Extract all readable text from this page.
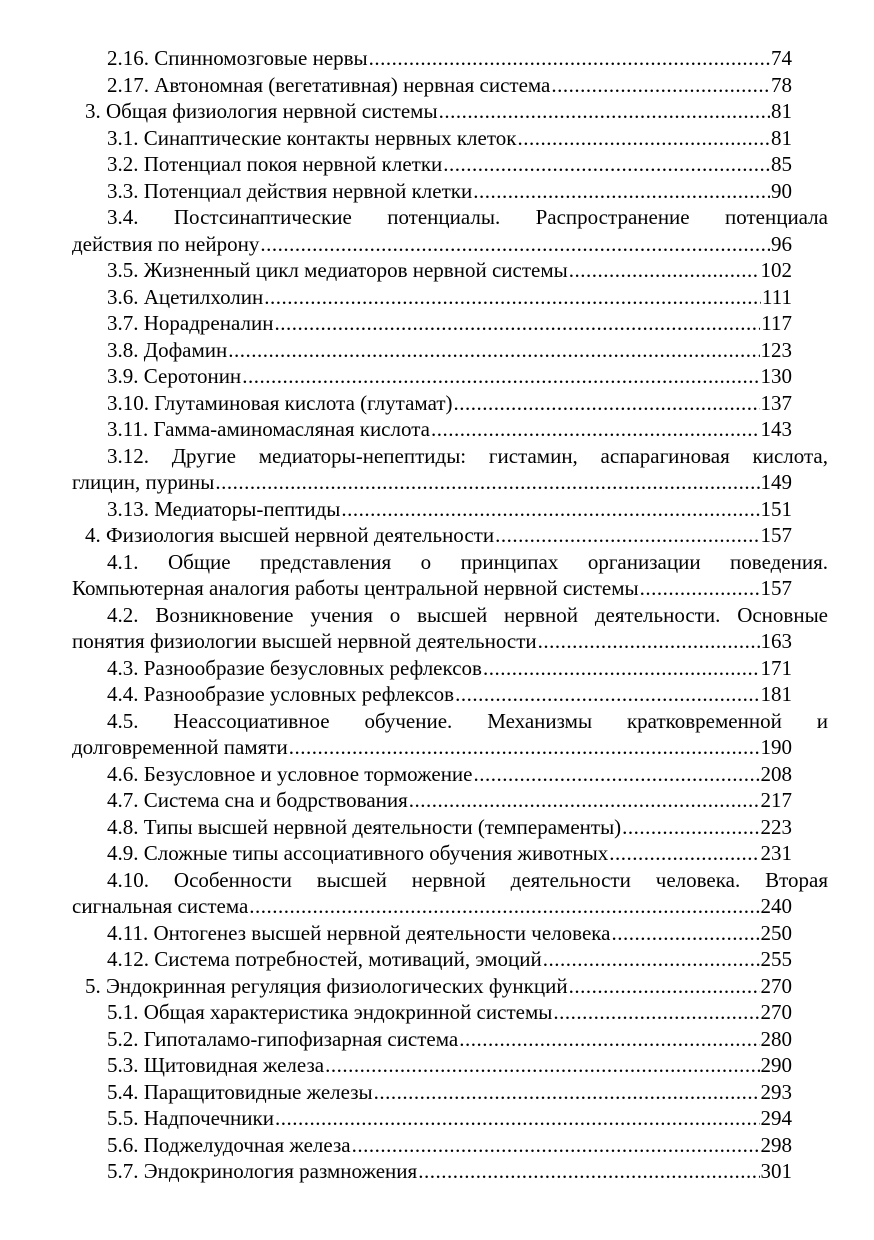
2.16. Спинномозговые нервы .....	74
2.17. Автономная (вегетативная) нервная система .....	78
3. Общая физиология нервной системы .....	81
3.1. Синаптические контакты нервных клеток .....	81
3.2. Потенциал покоя нервной клетки .....	85
3.3. Потенциал действия нервной клетки .....	90
3.4. Постсинаптические потенциалы. Распространение потенциала
действия по нейрону .....	96
3.5. Жизненный цикл медиаторов нервной системы .....	102
3.6. Ацетилхолин .....	111
3.7. Норадреналин .....	117
3.8. Дофамин .....	123
3.9. Серотонин .....	130
3.10. Глутаминовая кислота (глутамат) .....	137
3.11. Гамма-аминомасляная кислота .....	143
3.12. Другие медиаторы-непептиды: гистамин, аспарагиновая кислота,
глицин, пурины .....	149
3.13. Медиаторы-пептиды .....	151
4. Физиология высшей нервной деятельности .....	157
4.1. Общие представления о принципах организации поведения.
Компьютерная аналогия работы центральной нервной системы .....	157
4.2. Возникновение учения о высшей нервной деятельности. Основные
понятия физиологии высшей нервной деятельности .....	163
4.3. Разнообразие безусловных рефлексов .....	171
4.4. Разнообразие условных рефлексов .....	181
4.5. Неассоциативное обучение. Механизмы кратковременной и
долговременной памяти .....	190
4.6. Безусловное и условное торможение .....	208
4.7. Система сна и бодрствования .....	217
4.8. Типы высшей нервной деятельности (темпераменты) .....	223
4.9. Сложные типы ассоциативного обучения животных .....	231
4.10. Особенности высшей нервной деятельности человека. Вторая
сигнальная система .....	240
4.11. Онтогенез высшей нервной деятельности человека .....	250
4.12. Система потребностей, мотиваций, эмоций .....	255
5. Эндокринная регуляция физиологических функций .....	270
5.1. Общая характеристика эндокринной системы .....	270
5.2. Гипоталамо-гипофизарная система .....	280
5.3. Щитовидная железа .....	290
5.4. Паращитовидные железы .....	293
5.5. Надпочечники .....	294
5.6. Поджелудочная железа .....	298
5.7. Эндокринология размножения .....	301
